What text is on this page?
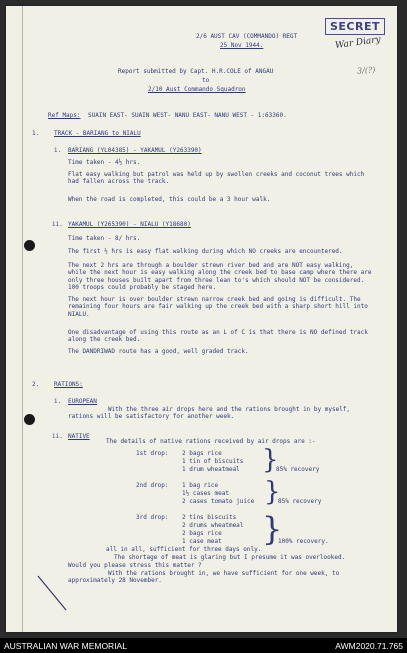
SECRET
War Diary
3/(?)
2/6 AUST CAV (COMMANDO) REGT
25 Nov 1944.
Report submitted by Capt. H.R.COLE of ANGAU
to
2/10 Aust Commando Squadron
Ref Maps: SUAIN EAST- SUAIN WEST- NANU EAST- NANU WEST - 1:63360.
1. TRACK - BARIANG to NIALU
i. BARIANG (YL04385) - YAKAMUL (Y263390)
Time taken - 4½ hrs.
Flat easy walking but patrol was held up by swollen creeks and coconut trees which had fallen across the track.
When the road is completed, this could be a 3 hour walk.
ii. YAKAMUL (Y265390) - NIALU (Y18680)
Time taken - 8/ hrs.
The first ½ hrs is easy flat walking during which NO creeks are encountered.
The next 2 hrs are through a boulder strewn river bed and are NOT easy walking, while the next hour is easy walking along the creek bed to base camp where there are only three houses built apart from three lean to's which should NOT be considered. 100 troops could probably be staged here.
The next hour is over boulder strewn narrow creek bed and going is difficult. The remaining four hours are fair walking up the creek bed with a sharp short hill into NIALU.
One disadvantage of using this route as an L of C is that there is NO defined track along the creek bed.
The DANDRIWAD route has a good, well graded track.
2. RATIONS:
i. EUROPEAN
With the three air drops here and the rations brought in by myself, rations will be satisfactory for another week.
ii. NATIVE
The details of native rations received by air drops are :-
1st drop: 2 bags rice
1 tin of biscuits
1 drum wheatmeal }
85% recovery
2nd drop: 1 bag rice
1½ cases meat
2 cases tomato juice }
85% recovery
3rd drop: 2 tins biscuits
2 drums wheatmeal
2 bags rice
1 case meat }
100% recovery.
all in all, sufficient for three days only.
The shortage of meat is glaring but I presume it was overlooked.
Would you please stress this matter ?
With the rations brought in, we have sufficient for one week, to approximately 28 November.
AUSTRALIAN WAR MEMORIAL	AWM2020.71.765
